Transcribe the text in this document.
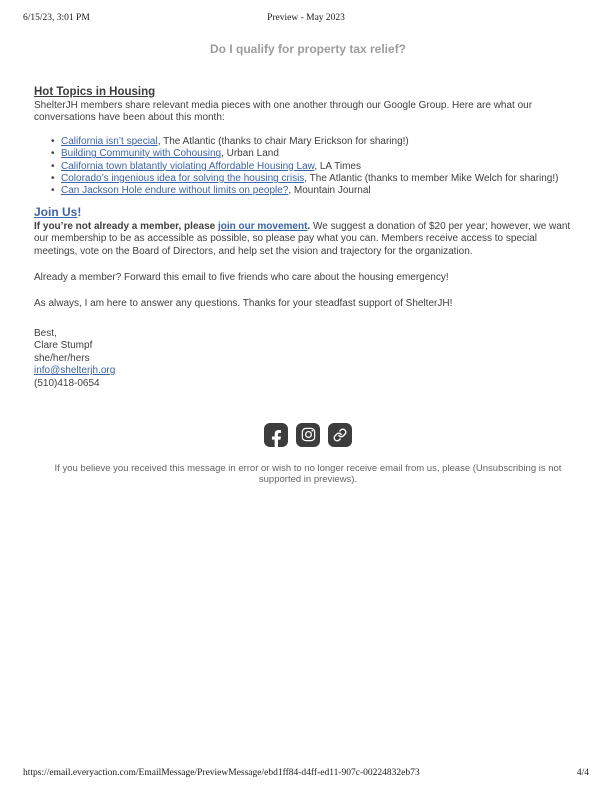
6/15/23, 3:01 PM	Preview - May 2023
Do I qualify for property tax relief?
Hot Topics in Housing

ShelterJH members share relevant media pieces with one another through our Google Group. Here are what our conversations have been about this month:

• California isn’t special, The Atlantic (thanks to chair Mary Erickson for sharing!)
• Building Community with Cohousing, Urban Land
• California town blatantly violating Affordable Housing Law, LA Times
• Colorado’s ingenious idea for solving the housing crisis, The Atlantic (thanks to member Mike Welch for sharing!)
• Can Jackson Hole endure without limits on people?, Mountain Journal
Join Us!

If you’re not already a member, please join our movement. We suggest a donation of $20 per year; however, we want our membership to be as accessible as possible, so please pay what you can. Members receive access to special meetings, vote on the Board of Directors, and help set the vision and trajectory for the organization.

Already a member? Forward this email to five friends who care about the housing emergency!

As always, I am here to answer any questions. Thanks for your steadfast support of ShelterJH!

Best,
Clare Stumpf
she/her/hers
info@shelterjh.org
(510)418-0654

If you believe you received this message in error or wish to no longer receive email from us, please (Unsubscribing is not supported in previews).

https://email.everyaction.com/EmailMessage/PreviewMessage/ebd1ff84-d4ff-ed11-907c-00224832eb73	4/4
